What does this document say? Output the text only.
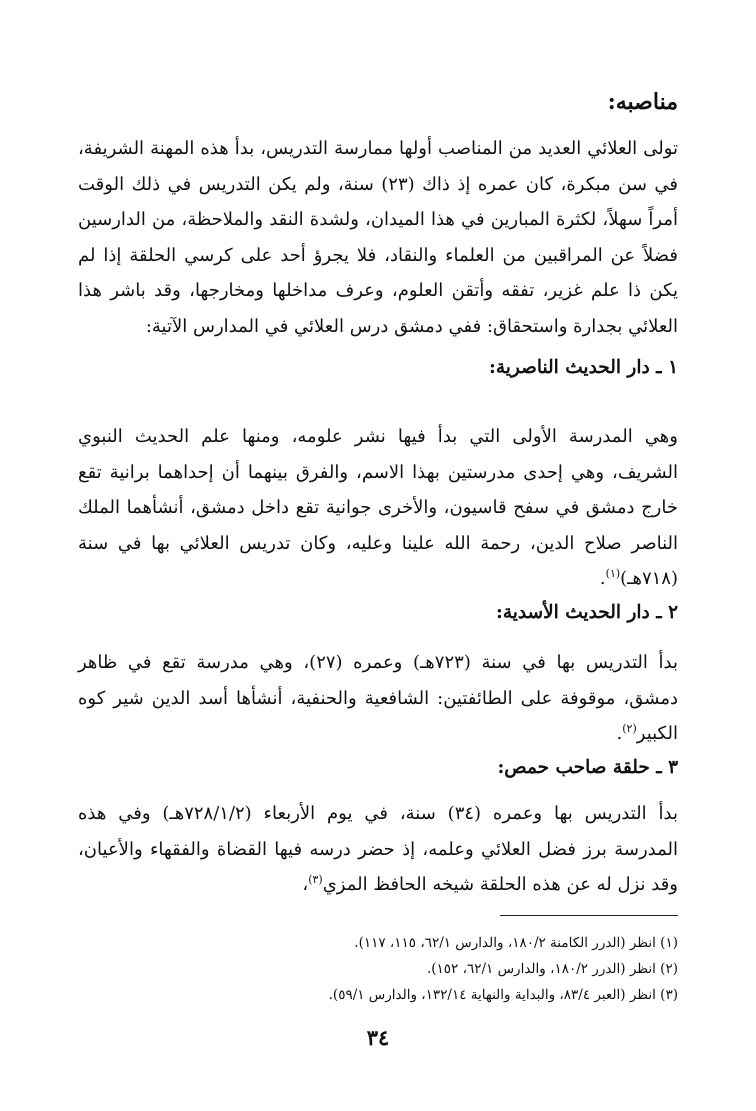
مناصبه:

تولى العلائي العديد من المناصب أولها ممارسة التدريس، بدأ هذه المهنة الشريفة، في سن مبكرة، كان عمره إذ ذاك (٢٣) سنة، ولم يكن التدريس في ذلك الوقت أمراً سهلاً، لكثرة المبارين في هذا الميدان، ولشدة النقد والملاحظة، من الدارسين فضلاً عن المراقبين من العلماء والنقاد، فلا يجرؤ أحد على كرسي الحلقة إذا لم يكن ذا علم غزير، تفقه وأتقن العلوم، وعرف مداخلها ومخارجها، وقد باشر هذا العلائي بجدارة واستحقاق: ففي دمشق درس العلائي في المدارس الآتية:

١ ـ دار الحديث الناصرية:

وهي المدرسة الأولى التي بدأ فيها نشر علومه، ومنها علم الحديث النبوي الشريف، وهي إحدى مدرستين بهذا الاسم، والفرق بينهما أن إحداهما برانية تقع خارج دمشق في سفح قاسيون، والأخرى جوانية تقع داخل دمشق، أنشأهما الملك الناصر صلاح الدين، رحمة الله علينا وعليه، وكان تدريس العلائي بها في سنة (٧١٨هـ)$^{(١)}$.

٢ ـ دار الحديث الأسدية:

بدأ التدريس بها في سنة (٧٢٣هـ) وعمره (٢٧)، وهي مدرسة تقع في ظاهر دمشق، موقوفة على الطائفتين: الشافعية والحنفية، أنشأها أسد الدين شير كوه الكبير$^{(٢)}$.

٣ ـ حلقة صاحب حمص:

بدأ التدريس بها وعمره (٣٤) سنة، في يوم الأربعاء (٧٢٨/١/٢هـ) وفي هذه المدرسة برز فضل العلائي وعلمه، إذ حضر درسه فيها القضاة والفقهاء والأعيان، وقد نزل له عن هذه الحلقة شيخه الحافظ المزي$^{(٣)}$،

(١) انظر (الدرر الكامنة ١٨٠/٢، والدارس ٦٢/١، ١١٥، ١١٧).

(٢) انظر (الدرر ١٨٠/٢، والدارس ٦٢/١، ١٥٢).

(٣) انظر (العبر ٨٣/٤، والبداية والنهاية ١٣٢/١٤، والدارس ٥٩/١).

٣٤
